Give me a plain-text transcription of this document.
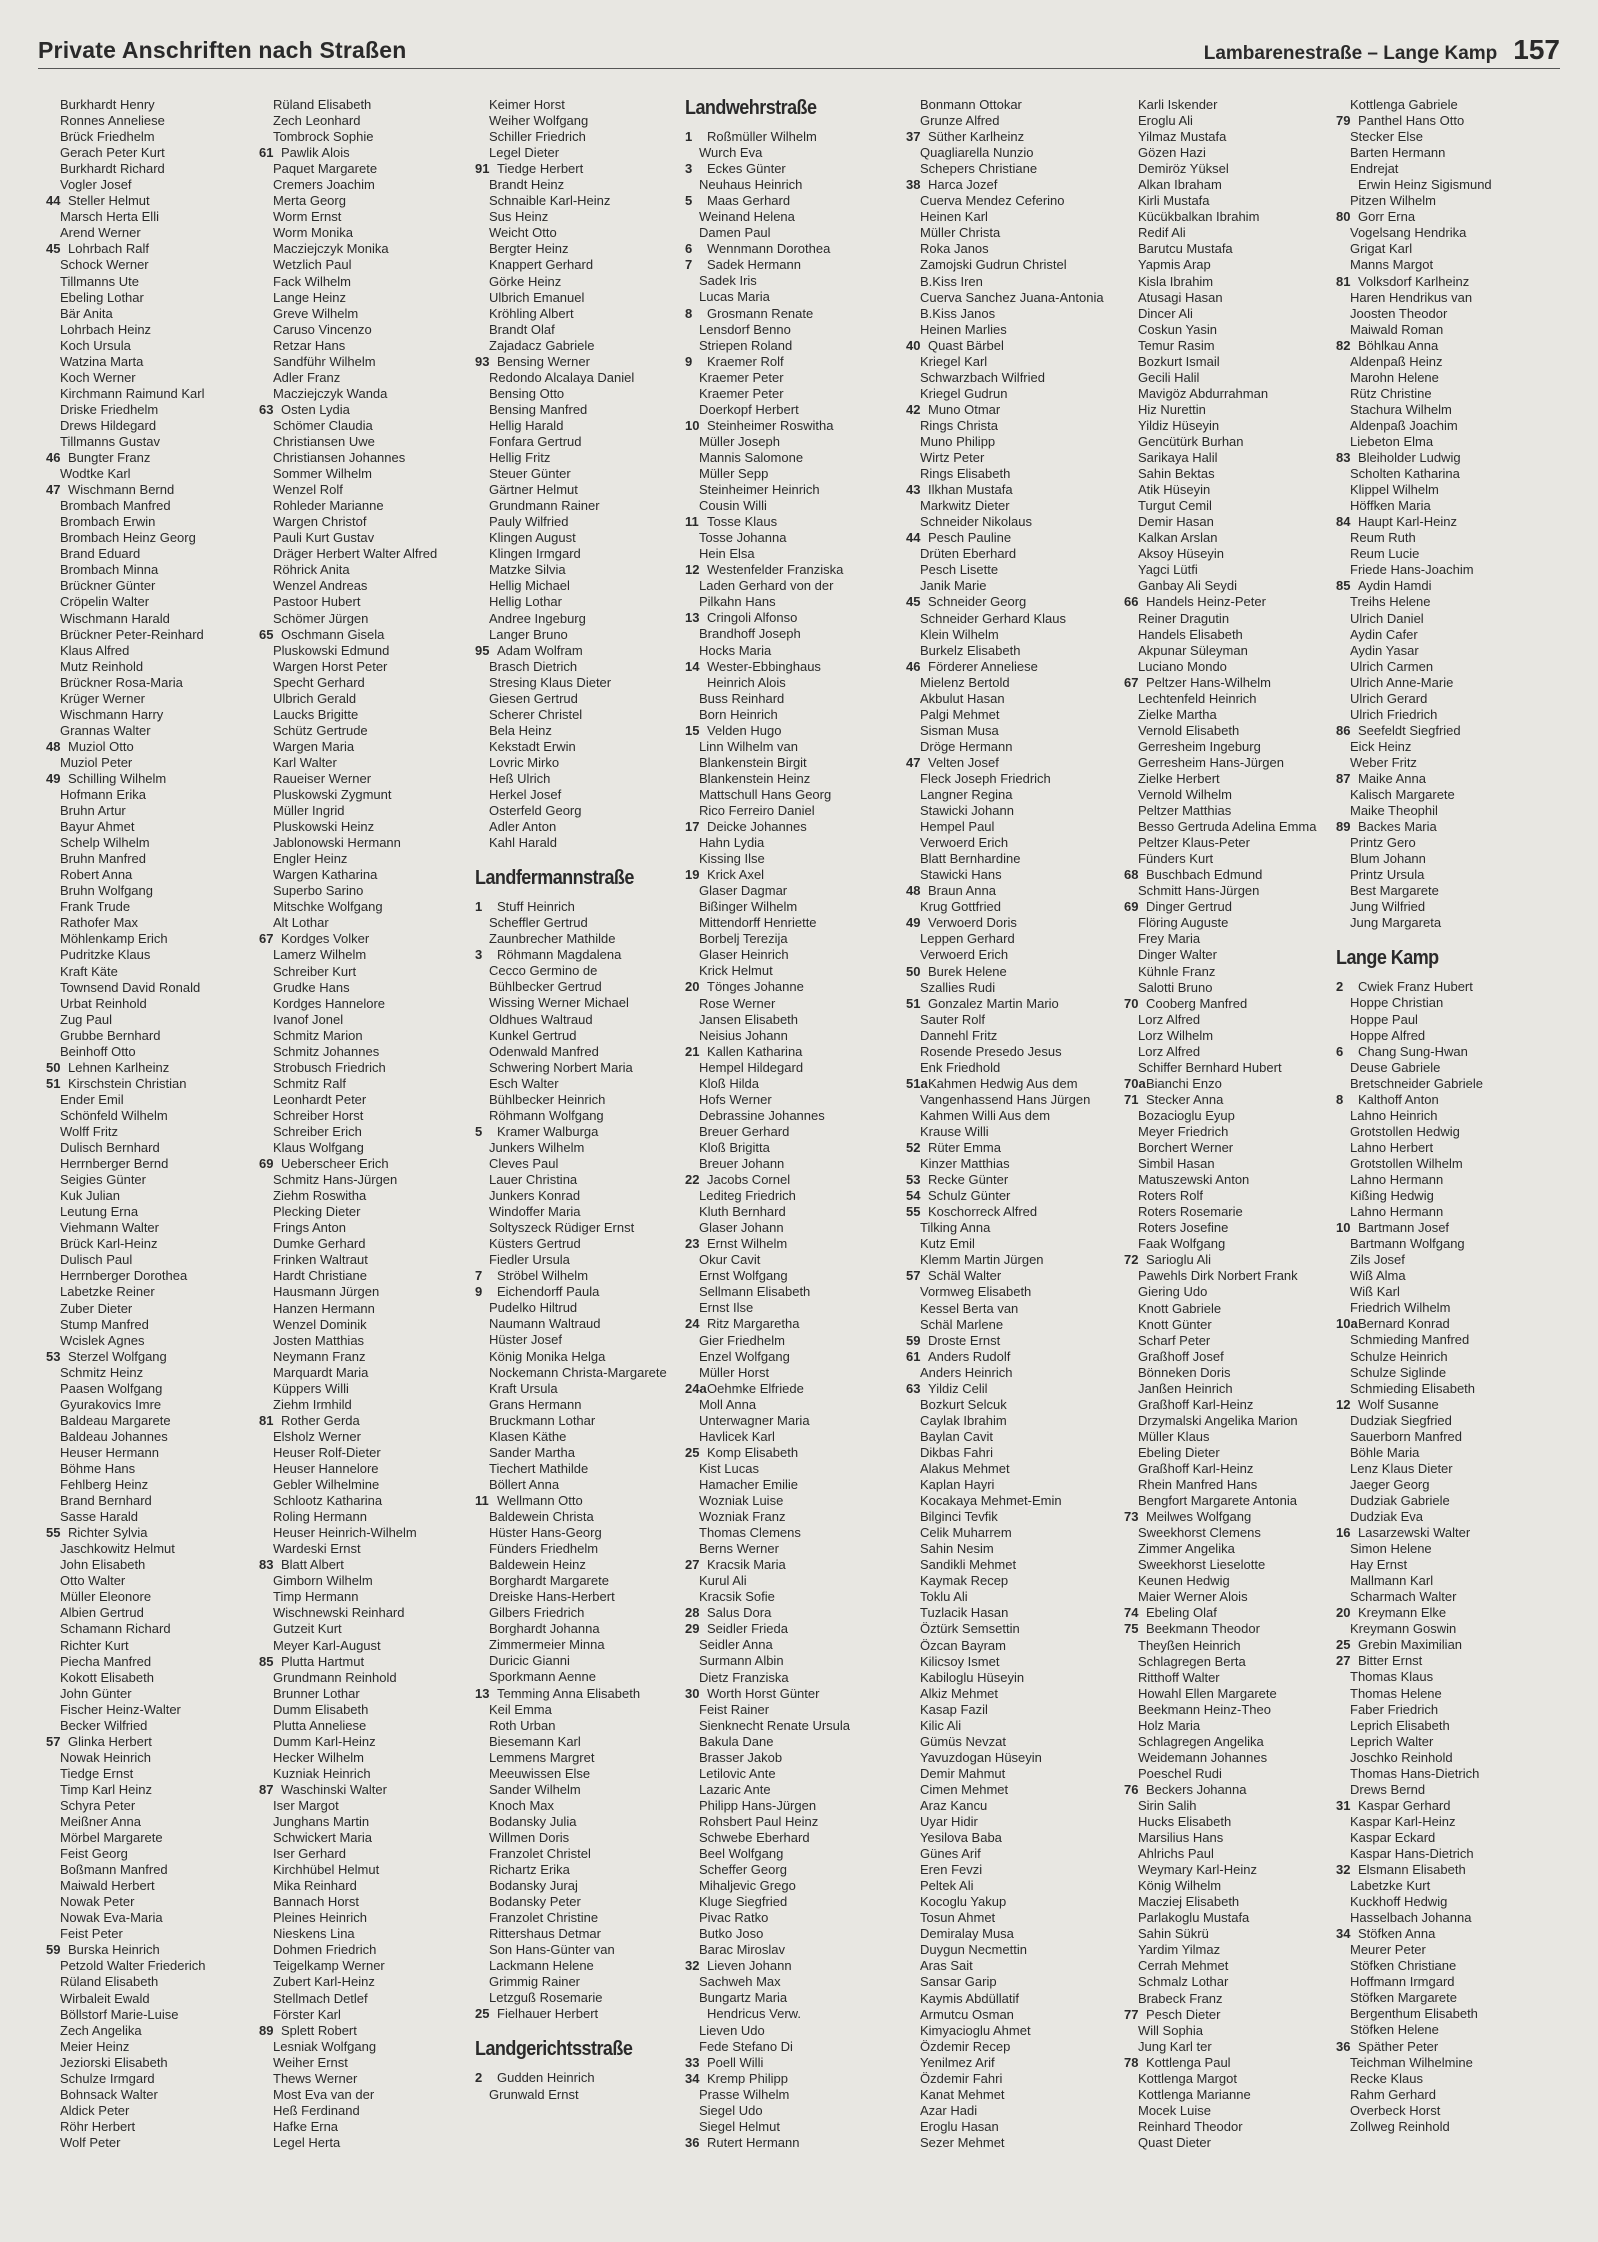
Private Anschriften nach Straßen	Lambarenestraße – Lange Kamp 157
Burkhardt Henry
Ronnes Anneliese
Brück Friedhelm
Gerach Peter Kurt
Burkhardt Richard
Vogler Josef
44 Steller Helmut
Marsch Herta Elli
Arend Werner
45 Lohrbach Ralf
Schock Werner
Tillmanns Ute
Ebeling Lothar
Bär Anita
Lohrbach Heinz
Koch Ursula
Watzina Marta
Koch Werner
Kirchmann Raimund Karl
Driske Friedhelm
Drews Hildegard
Tillmanns Gustav
46 Bungter Franz
Wodtke Karl
47 Wischmann Bernd
Brombach Manfred
Brombach Erwin
Brombach Heinz Georg
Brand Eduard
Brombach Minna
Brückner Günter
Cröpelin Walter
Wischmann Harald
Brückner Peter-Reinhard
Klaus Alfred
Mutz Reinhold
Brückner Rosa-Maria
Krüger Werner
Wischmann Harry
Grannas Walter
48 Muziol Otto
Muziol Peter
49 Schilling Wilhelm
Hofmann Erika
Bruhn Artur
Bayur Ahmet
Schelp Wilhelm
Bruhn Manfred
Robert Anna
Bruhn Wolfgang
Frank Trude
Rathofer Max
Möhlenkamp Erich
Pudritzke Klaus
Kraft Käte
Townsend David Ronald
Urbat Reinhold
Zug Paul
Grubbe Bernhard
Beinhoff Otto
50 Lehnen Karlheinz
51 Kirschstein Christian
Ender Emil
Schönfeld Wilhelm
Wolff Fritz
Dulisch Bernhard
Herrnberger Bernd
Seigies Günter
Kuk Julian
Leutung Erna
Viehmann Walter
Brück Karl-Heinz
Dulisch Paul
Herrnberger Dorothea
Labetzke Reiner
Zuber Dieter
Stump Manfred
Wcislek Agnes
53 Sterzel Wolfgang
Schmitz Heinz
Paasen Wolfgang
Gyurakovics Imre
Baldeau Margarete
Baldeau Johannes
Heuser Hermann
Böhme Hans
Fehlberg Heinz
Brand Bernhard
Sasse Harald
55 Richter Sylvia
Jaschkowitz Helmut
John Elisabeth
Otto Walter
Müller Eleonore
Albien Gertrud
Schamann Richard
Richter Kurt
Piecha Manfred
Kokott Elisabeth
John Günter
Fischer Heinz-Walter
Becker Wilfried
57 Glinka Herbert
Nowak Heinrich
Tiedge Ernst
Timp Karl Heinz
Schyra Peter
Meißner Anna
Mörbel Margarete
Feist Georg
Boßmann Manfred
Maiwald Herbert
Nowak Peter
Nowak Eva-Maria
Feist Peter
59 Burska Heinrich
Petzold Walter Friederich
Rüland Elisabeth
Wirbaleit Ewald
Böllstorf Marie-Luise
Zech Angelika
Meier Heinz
Jeziorski Elisabeth
Schulze Irmgard
Bohnsack Walter
Aldick Peter
Röhr Herbert
Wolf Peter
Rüland Elisabeth
Zech Leonhard
Tombrock Sophie
61 Pawlik Alois
Paquet Margarete
Cremers Joachim
Merta Georg
Worm Ernst
Worm Monika
Macziejczyk Monika
Wetzlich Paul
Fack Wilhelm
Lange Heinz
Greve Wilhelm
Caruso Vincenzo
Retzar Hans
Sandführ Wilhelm
Adler Franz
Macziejczyk Wanda
63 Osten Lydia
Schömer Claudia
Christiansen Uwe
Christiansen Johannes
Sommer Wilhelm
Wenzel Rolf
Rohleder Marianne
Wargen Christof
Pauli Kurt Gustav
Dräger Herbert Walter Alfred
Röhrick Anita
Wenzel Andreas
Pastoor Hubert
Schömer Jürgen
65 Oschmann Gisela
Pluskowski Edmund
Wargen Horst Peter
Specht Gerhard
Ulbrich Gerald
Laucks Brigitte
Schütz Gertrude
Wargen Maria
Karl Walter
Raueiser Werner
Pluskowski Zygmunt
Müller Ingrid
Pluskowski Heinz
Jablonowski Hermann
Engler Heinz
Wargen Katharina
Superbo Sarino
Mitschke Wolfgang
Alt Lothar
67 Kordges Volker
Lamerz Wilhelm
Schreiber Kurt
Grudke Hans
Kordges Hannelore
Ivanof Jonel
Schmitz Marion
Schmitz Johannes
Strobusch Friedrich
Schmitz Ralf
Leonhardt Peter
Schreiber Horst
Schreiber Erich
Klaus Wolfgang
69 Ueberscheer Erich
Schmitz Hans-Jürgen
Ziehm Roswitha
Plecking Dieter
Frings Anton
Dumke Gerhard
Frinken Waltraut
Hardt Christiane
Hausmann Jürgen
Hanzen Hermann
Wenzel Dominik
Josten Matthias
Neymann Franz
Marquardt Maria
Küppers Willi
Ziehm Irmhild
81 Rother Gerda
Elsholz Werner
Heuser Rolf-Dieter
Heuser Hannelore
Gebler Wilhelmine
Schlootz Katharina
Roling Hermann
Heuser Heinrich-Wilhelm
Wardeski Ernst
83 Blatt Albert
Gimborn Wilhelm
Timp Hermann
Wischnewski Reinhard
Gutzeit Kurt
Meyer Karl-August
85 Plutta Hartmut
Grundmann Reinhold
Brunner Lothar
Dumm Elisabeth
Plutta Anneliese
Dumm Karl-Heinz
Hecker Wilhelm
Kuzniak Heinrich
87 Waschinski Walter
Iser Margot
Junghans Martin
Schwickert Maria
Iser Gerhard
Kirchhübel Helmut
Mika Reinhard
Bannach Horst
Pleines Heinrich
Nieskens Lina
Dohmen Friedrich
Teigelkamp Werner
Zubert Karl-Heinz
Stellmach Detlef
Förster Karl
89 Splett Robert
Lesniak Wolfgang
Weiher Ernst
Thews Werner
Most Eva van der
Heß Ferdinand
Hafke Erna
Legel Herta
Keimer Horst
Weiher Wolfgang
Schiller Friedrich
Legel Dieter
91 Tiedge Herbert
Brandt Heinz
Schnaible Karl-Heinz
Sus Heinz
Weicht Otto
Bergter Heinz
Knappert Gerhard
Görke Heinz
Ulbrich Emanuel
Kröhling Albert
Brandt Olaf
Zajadacz Gabriele
93 Bensing Werner
Redondo Alcalaya Daniel
Bensing Otto
Bensing Manfred
Hellig Harald
Fonfara Gertrud
Hellig Fritz
Steuer Günter
Gärtner Helmut
Grundmann Rainer
Pauly Wilfried
Klingen August
Klingen Irmgard
Matzke Silvia
Hellig Michael
Hellig Lothar
Andree Ingeburg
Langer Bruno
95 Adam Wolfram
Brasch Dietrich
Stresing Klaus Dieter
Giesen Gertrud
Scherer Christel
Bela Heinz
Kekstadt Erwin
Lovric Mirko
Heß Ulrich
Herkel Josef
Osterfeld Georg
Adler Anton
Kahl Harald
Landfermannstraße
1 Stuff Heinrich
Scheffler Gertrud
Zaunbrecher Mathilde
3 Röhmann Magdalena
Cecco Germino de
Bühlbecker Gertrud
Wissing Werner Michael
Oldhues Waltraud
Kunkel Gertrud
Odenwald Manfred
Schwering Norbert Maria
Esch Walter
Bühlbecker Heinrich
Röhmann Wolfgang
5 Kramer Walburga
Junkers Wilhelm
Cleves Paul
Lauer Christina
Junkers Konrad
Windoffer Maria
Soltyszeck Rüdiger Ernst
Küsters Gertrud
Fiedler Ursula
7 Ströbel Wilhelm
9 Eichendorff Paula
Pudelko Hiltrud
Naumann Waltraud
Hüster Josef
König Monika Helga
Nockemann Christa-Margarete
Kraft Ursula
Grans Hermann
Bruckmann Lothar
Klasen Käthe
Sander Martha
Tiechert Mathilde
Böllert Anna
11 Wellmann Otto
Baldewein Christa
Hüster Hans-Georg
Fünders Friedhelm
Baldewein Heinz
Borghardt Margarete
Dreiske Hans-Herbert
Gilbers Friedrich
Borghardt Johanna
Zimmermeier Minna
Duricic Gianni
Sporkmann Aenne
13 Temming Anna Elisabeth
Keil Emma
Roth Urban
Biesemann Karl
Lemmens Margret
Meeuwissen Else
Sander Wilhelm
Knoch Max
Bodansky Julia
Willmen Doris
Franzolet Christel
Richartz Erika
Bodansky Juraj
Bodansky Peter
Franzolet Christine
Rittershaus Detmar
Son Hans-Günter van
Lackmann Helene
Grimmig Rainer
Letzguß Rosemarie
25 Fielhauer Herbert
Landgerichtsstraße
2 Gudden Heinrich
Grunwald Ernst
Landwehrstraße
1 Roßmüller Wilhelm
Wurch Eva
3 Eckes Günter
Neuhaus Heinrich
5 Maas Gerhard
Weinand Helena
Damen Paul
6 Wennmann Dorothea
7 Sadek Hermann
Sadek Iris
Lucas Maria
8 Grosmann Renate
Lensdorf Benno
Striepen Roland
9 Kraemer Rolf
Kraemer Peter
Kraemer Peter
Doerkopf Herbert
10 Steinheimer Roswitha
Müller Joseph
Mannis Salomone
Müller Sepp
Steinheimer Heinrich
Cousin Willi
11 Tosse Klaus
Tosse Johanna
Hein Elsa
12 Westenfelder Franziska
Laden Gerhard von der
Pilkahn Hans
13 Cringoli Alfonso
Brandhoff Joseph
Hocks Maria
14 Wester-Ebbinghaus
Heinrich Alois
Buss Reinhard
Born Heinrich
15 Velden Hugo
Linn Wilhelm van
Blankenstein Birgit
Blankenstein Heinz
Mattschull Hans Georg
Rico Ferreiro Daniel
17 Deicke Johannes
Hahn Lydia
Kissing Ilse
19 Krick Axel
Glaser Dagmar
Bißinger Wilhelm
Mittendorff Henriette
Borbelj Terezija
Glaser Heinrich
Krick Helmut
20 Tönges Johanne
Rose Werner
Jansen Elisabeth
Neisius Johann
21 Kallen Katharina
Hempel Hildegard
Kloß Hilda
Hofs Werner
Debrassine Johannes
Breuer Gerhard
Kloß Brigitta
Breuer Johann
22 Jacobs Cornel
Lediteg Friedrich
Kluth Bernhard
Glaser Johann
23 Ernst Wilhelm
Okur Cavit
Ernst Wolfgang
Sellmann Elisabeth
Ernst Ilse
24 Ritz Margaretha
Gier Friedhelm
Enzel Wolfgang
Müller Horst
24a Oehmke Elfriede
Moll Anna
Unterwagner Maria
Havlicek Karl
25 Komp Elisabeth
Kist Lucas
Hamacher Emilie
Wozniak Luise
Wozniak Franz
Thomas Clemens
Berns Werner
27 Kracsik Maria
Kurul Ali
Kracsik Sofie
28 Salus Dora
29 Seidler Frieda
Seidler Anna
Surmann Albin
Dietz Franziska
30 Worth Horst Günter
Feist Rainer
Sienknecht Renate Ursula
Bakula Dane
Brasser Jakob
Letilovic Ante
Lazaric Ante
Philipp Hans-Jürgen
Rohsbert Paul Heinz
Schwebe Eberhard
Beel Wolfgang
Scheffer Georg
Mihaljevic Grego
Kluge Siegfried
Pivac Ratko
Butko Joso
Barac Miroslav
32 Lieven Johann
Sachweh Max
Bungartz Maria
Hendricus Verw.
Lieven Udo
Fede Stefano Di
33 Poell Willi
34 Kremp Philipp
Prasse Wilhelm
Siegel Udo
Siegel Helmut
36 Rutert Hermann
Bonmann Ottokar
Grunze Alfred
37 Süther Karlheinz
Quagliarella Nunzio
Schepers Christiane
38 Harca Jozef
Cuerva Mendez Ceferino
Heinen Karl
Müller Christa
Roka Janos
Zamojski Gudrun Christel
B.Kiss Iren
Cuerva Sanchez Juana-Antonia
B.Kiss Janos
Heinen Marlies
40 Quast Bärbel
Kriegel Karl
Schwarzbach Wilfried
Kriegel Gudrun
42 Muno Otmar
Rings Christa
Muno Philipp
Wirtz Peter
Rings Elisabeth
43 Ilkhan Mustafa
Markwitz Dieter
Schneider Nikolaus
44 Pesch Pauline
Drüten Eberhard
Pesch Lisette
Janik Marie
45 Schneider Georg
Schneider Gerhard Klaus
Klein Wilhelm
Burkelz Elisabeth
46 Förderer Anneliese
Mielenz Bertold
Akbulut Hasan
Palgi Mehmet
Sisman Musa
Dröge Hermann
47 Velten Josef
Fleck Joseph Friedrich
Langner Regina
Stawicki Johann
Hempel Paul
Verwoerd Erich
Blatt Bernhardine
Stawicki Hans
48 Braun Anna
Krug Gottfried
49 Verwoerd Doris
Leppen Gerhard
Verwoerd Erich
50 Burek Helene
Szallies Rudi
51 Gonzalez Martin Mario
Sauter Rolf
Dannehl Fritz
Rosende Presedo Jesus
Enk Friedhold
51a Kahmen Hedwig Aus dem
Vangenhassend Hans Jürgen
Kahmen Willi Aus dem
Krause Willi
52 Rüter Emma
Kinzer Matthias
53 Recke Günter
54 Schulz Günter
55 Koschorreck Alfred
Tilking Anna
Kutz Emil
Klemm Martin Jürgen
57 Schäl Walter
Vormweg Elisabeth
Kessel Berta van
Schäl Marlene
59 Droste Ernst
61 Anders Rudolf
Anders Heinrich
63 Yildiz Celil
Bozkurt Selcuk
Caylak Ibrahim
Baylan Cavit
Dikbas Fahri
Alakus Mehmet
Kaplan Hayri
Kocakaya Mehmet-Emin
Bilginci Tevfik
Celik Muharrem
Sahin Nesim
Sandikli Mehmet
Kaymak Recep
Toklu Ali
Tuzlacik Hasan
Öztürk Semsettin
Özcan Bayram
Kilicsoy Ismet
Kabiloglu Hüseyin
Alkiz Mehmet
Kasap Fazil
Kilic Ali
Gümüs Nevzat
Yavuzdogan Hüseyin
Demir Mahmut
Cimen Mehmet
Araz Kancu
Uyar Hidir
Yesilova Baba
Günes Arif
Eren Fevzi
Peltek Ali
Kocoglu Yakup
Tosun Ahmet
Demiralay Musa
Duygun Necmettin
Aras Sait
Sansar Garip
Kaymis Abdüllatif
Armutcu Osman
Kimyacioglu Ahmet
Özdemir Recep
Yenilmez Arif
Özdemir Fahri
Kanat Mehmet
Azar Hadi
Eroglu Hasan
Sezer Mehmet
Karli Iskender
Eroglu Ali
Yilmaz Mustafa
Gözen Hazi
Demiröz Yüksel
Alkan Ibraham
Kirli Mustafa
Kücükbalkan Ibrahim
Redif Ali
Barutcu Mustafa
Yapmis Arap
Kisla Ibrahim
Atusagi Hasan
Dincer Ali
Coskun Yasin
Temur Rasim
Bozkurt Ismail
Gecili Halil
Mavigöz Abdurrahman
Hiz Nurettin
Yildiz Hüseyin
Gencütürk Burhan
Sarikaya Halil
Sahin Bektas
Atik Hüseyin
Turgut Cemil
Demir Hasan
Kalkan Arslan
Aksoy Hüseyin
Yagci Lütfi
Ganbay Ali Seydi
66 Handels Heinz-Peter
Reiner Dragutin
Handels Elisabeth
Akpunar Süleyman
Luciano Mondo
67 Peltzer Hans-Wilhelm
Lechtenfeld Heinrich
Zielke Martha
Vernold Elisabeth
Gerresheim Ingeburg
Gerresheim Hans-Jürgen
Zielke Herbert
Vernold Wilhelm
Peltzer Matthias
Besso Gertruda Adelina Emma
Peltzer Klaus-Peter
Fünders Kurt
68 Buschbach Edmund
Schmitt Hans-Jürgen
69 Dinger Gertrud
Flöring Auguste
Frey Maria
Dinger Walter
Kühnle Franz
Salotti Bruno
70 Cooberg Manfred
Lorz Alfred
Lorz Wilhelm
Lorz Alfred
Schiffer Bernhard Hubert
70a Bianchi Enzo
71 Stecker Anna
Bozacioglu Eyup
Meyer Friedrich
Borchert Werner
Simbil Hasan
Matuszewski Anton
Roters Rolf
Roters Rosemarie
Roters Josefine
Faak Wolfgang
72 Sarioglu Ali
Pawehls Dirk Norbert Frank
Giering Udo
Knott Gabriele
Knott Günter
Scharf Peter
Graßhoff Josef
Bönneken Doris
Janßen Heinrich
Graßhoff Karl-Heinz
Drzymalski Angelika Marion
Müller Klaus
Ebeling Dieter
Graßhoff Karl-Heinz
Rhein Manfred Hans
Bengfort Margarete Antonia
73 Meilwes Wolfgang
Sweekhorst Clemens
Zimmer Angelika
Sweekhorst Lieselotte
Keunen Hedwig
Maier Werner Alois
74 Ebeling Olaf
75 Beekmann Theodor
Theyßen Heinrich
Schlagregen Berta
Ritthoff Walter
Howahl Ellen Margarete
Beekmann Heinz-Theo
Holz Maria
Schlagregen Angelika
Weidemann Johannes
Poeschel Rudi
76 Beckers Johanna
Sirin Salih
Hucks Elisabeth
Marsilius Hans
Ahlrichs Paul
Weymary Karl-Heinz
König Wilhelm
Macziej Elisabeth
Parlakoglu Mustafa
Sahin Sükrü
Yardim Yilmaz
Cerrah Mehmet
Schmalz Lothar
Brabeck Franz
77 Pesch Dieter
Will Sophia
Jung Karl ter
78 Kottlenga Paul
Kottlenga Margot
Kottlenga Marianne
Mocek Luise
Reinhard Theodor
Quast Dieter
Kottlenga Gabriele
79 Panthel Hans Otto
Stecker Else
Barten Hermann
Endrejat
Erwin Heinz Sigismund
Pitzen Wilhelm
80 Gorr Erna
Vogelsang Hendrika
Grigat Karl
Manns Margot
81 Volksdorf Karlheinz
Haren Hendrikus van
Joosten Theodor
Maiwald Roman
82 Böhlkau Anna
Aldenpaß Heinz
Marohn Helene
Rütz Christine
Stachura Wilhelm
Aldenpaß Joachim
Liebeton Elma
83 Bleiholder Ludwig
Scholten Katharina
Klippel Wilhelm
Höffken Maria
84 Haupt Karl-Heinz
Reum Ruth
Reum Lucie
Friede Hans-Joachim
85 Aydin Hamdi
Treihs Helene
Ulrich Daniel
Aydin Cafer
Aydin Yasar
Ulrich Carmen
Ulrich Anne-Marie
Ulrich Gerard
Ulrich Friedrich
86 Seefeldt Siegfried
Eick Heinz
Weber Fritz
87 Maike Anna
Kalisch Margarete
Maike Theophil
89 Backes Maria
Printz Gero
Blum Johann
Printz Ursula
Best Margarete
Jung Wilfried
Jung Margareta
Lange Kamp
2 Cwiek Franz Hubert
Hoppe Christian
Hoppe Paul
Hoppe Alfred
6 Chang Sung-Hwan
Deuse Gabriele
Bretschneider Gabriele
8 Kalthoff Anton
Lahno Heinrich
Grotstollen Hedwig
Lahno Herbert
Grotstollen Wilhelm
Lahno Hermann
Kißing Hedwig
Lahno Hermann
10 Bartmann Josef
Bartmann Wolfgang
Zils Josef
Wiß Alma
Wiß Karl
Friedrich Wilhelm
10a Bernard Konrad
Schmieding Manfred
Schulze Heinrich
Schulze Siglinde
Schmieding Elisabeth
12 Wolf Susanne
Dudziak Siegfried
Sauerborn Manfred
Böhle Maria
Lenz Klaus Dieter
Jaeger Georg
Dudziak Gabriele
Dudziak Eva
16 Lasarzewski Walter
Simon Helene
Hay Ernst
Mallmann Karl
Scharmach Walter
20 Kreymann Elke
Kreymann Goswin
25 Grebin Maximilian
27 Bitter Ernst
Thomas Klaus
Thomas Helene
Faber Friedrich
Leprich Elisabeth
Leprich Walter
Joschko Reinhold
Thomas Hans-Dietrich
Drews Bernd
31 Kaspar Gerhard
Kaspar Karl-Heinz
Kaspar Eckard
Kaspar Hans-Dietrich
32 Elsmann Elisabeth
Labetzke Kurt
Kuckhoff Hedwig
Hasselbach Johanna
34 Stöfken Anna
Meurer Peter
Stöfken Christiane
Hoffmann Irmgard
Stöfken Margarete
Bergenthum Elisabeth
Stöfken Helene
36 Späther Peter
Teichman Wilhelmine
Recke Klaus
Rahm Gerhard
Overbeck Horst
Zollweg Reinhold
